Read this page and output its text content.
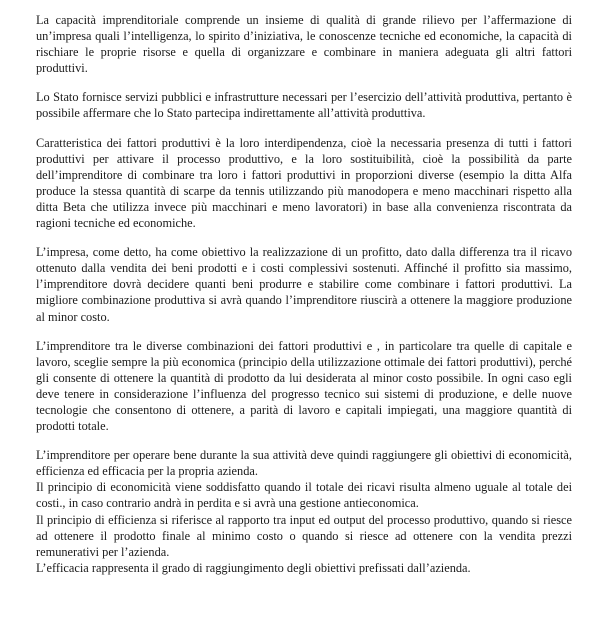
La capacità imprenditoriale comprende un insieme di qualità di grande rilievo per l’affermazione di un’impresa quali l’intelligenza, lo spirito d’iniziativa, le conoscenze tecniche ed economiche, la capacità di rischiare le proprie risorse e quella di organizzare e combinare in maniera adeguata gli altri fattori produttivi.

Lo Stato fornisce servizi pubblici e infrastrutture necessari per l’esercizio dell’attività produttiva, pertanto è possibile affermare che lo Stato partecipa indirettamente all’attività produttiva.

Caratteristica dei fattori produttivi è la loro interdipendenza, cioè la necessaria presenza di tutti i fattori produttivi per attivare il processo produttivo, e la loro sostituibilità, cioè la possibilità da parte dell’imprenditore di combinare tra loro i fattori produttivi in proporzioni diverse (esempio la ditta Alfa produce la stessa quantità di scarpe da tennis utilizzando più manodopera e meno macchinari rispetto alla ditta Beta che utilizza invece più macchinari e meno lavoratori) in base alla convenienza riscontrata da ragioni tecniche ed economiche.

L’impresa, come detto, ha come obiettivo la realizzazione di un profitto, dato dalla differenza tra il ricavo ottenuto dalla vendita dei beni prodotti e i costi complessivi sostenuti. Affinché il profitto sia massimo, l’imprenditore dovrà decidere quanti beni produrre e stabilire come combinare i fattori produttivi. La migliore combinazione produttiva si avrà quando l’imprenditore riuscirà a ottenere la maggiore produzione al minor costo.

L’imprenditore tra le diverse combinazioni dei fattori produttivi e , in particolare tra quelle di capitale e lavoro, sceglie sempre la più economica (principio della utilizzazione ottimale dei fattori produttivi), perché gli consente di ottenere la quantità di prodotto da lui desiderata al minor costo possibile. In ogni caso egli deve tenere in considerazione l’influenza del progresso tecnico sui sistemi di produzione, e delle nuove tecnologie che consentono di ottenere, a parità di lavoro e capitali impiegati, una maggiore quantità di prodotti totale.

L’imprenditore per operare bene durante la sua attività deve quindi raggiungere gli obiettivi di economicità, efficienza ed efficacia per la propria azienda.
Il principio di economicità viene soddisfatto quando il totale dei ricavi risulta almeno uguale al totale dei costi., in caso contrario andrà in perdita e si avrà una gestione antieconomica.
Il principio di efficienza si riferisce al rapporto tra input ed output del processo produttivo, quando si riesce ad ottenere il prodotto finale al minimo costo o quando si riesce ad ottenere con la vendita prezzi remunerativi per l’azienda.
L’efficacia rappresenta il grado di raggiungimento degli obiettivi prefissati dall’azienda.
